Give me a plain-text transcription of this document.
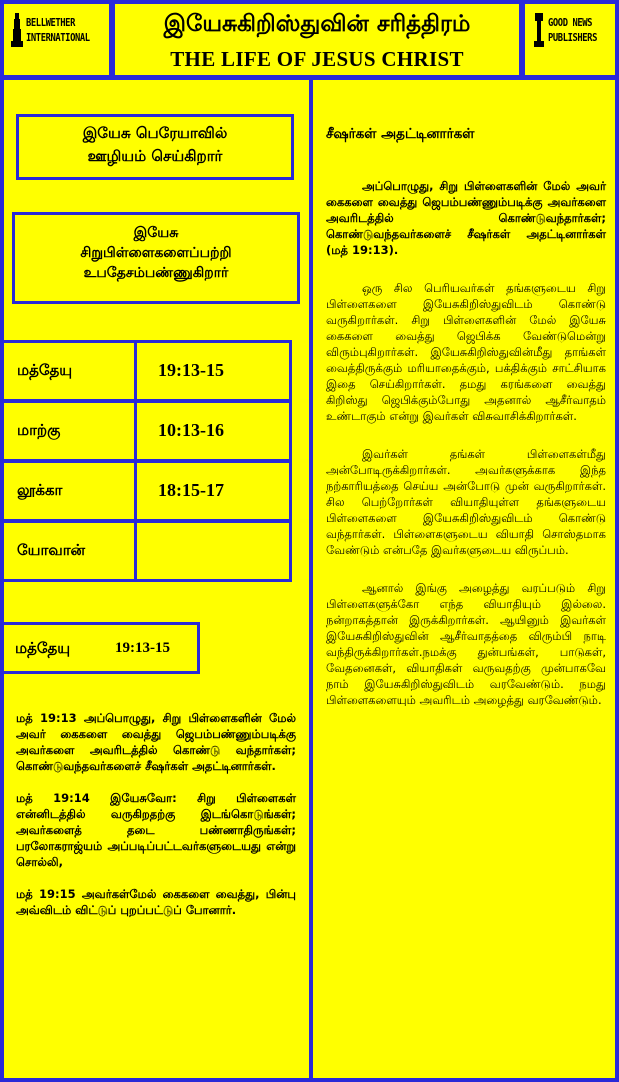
BELLWETHER
INTERNATIONAL
இயேசுகிறிஸ்துவின் சரித்திரம்
THE LIFE OF JESUS CHRIST
GOOD NEWS
PUBLISHERS
இயேசு பெரேயாவில்
ஊழியம் செய்கிறார்
இயேசு
சிறுபிள்ளைகளைப்பற்றி
உபதேசம்பண்ணுகிறார்
மத்தேயு	19:13-15
மாற்கு	10:13-16
லூக்கா	18:15-17
யோவான்
மத்தேயு	19:13-15

மத் 19:13 அப்பொழுது, சிறு பிள்ளைகளின் மேல் அவர் கைகளை வைத்து ஜெபம்பண்ணும்படிக்கு அவர்களை அவரிடத்தில் கொண்டு வந்தார்கள்; கொண்டுவந்தவர்களைச் சீஷர்கள் அதட்டினார்கள்.

மத் 19:14 இயேசுவோ: சிறு பிள்ளைகள் என்னிடத்தில் வருகிறதற்கு இடங்கொடுங்கள்; அவர்களைத் தடை பண்ணாதிருங்கள்; பரலோகராஜ்யம் அப்படிப்பட்டவர்களுடையது என்று சொல்லி,

மத் 19:15 அவர்கள்மேல் கைகளை வைத்து, பின்பு அவ்விடம் விட்டுப் புறப்பட்டுப் போனார்.

சீஷர்கள் அதட்டினார்கள்

அப்பொழுது, சிறு பிள்ளைகளின் மேல் அவர் கைகளை வைத்து ஜெபம்பண்ணும்படிக்கு அவர்களை அவரிடத்தில் கொண்டுவந்தார்கள்; கொண்டுவந்தவர்களைச் சீஷர்கள் அதட்டினார்கள் (மத் 19:13).

ஒரு சில பெரியவர்கள் தங்களுடைய சிறு பிள்ளைகளை இயேசுகிறிஸ்துவிடம் கொண்டு வருகிறார்கள். சிறு பிள்ளைகளின் மேல் இயேசு கைகளை வைத்து ஜெபிக்க வேண்டுமென்று விரும்புகிறார்கள். இயேசுகிறிஸ்துவின்மீது தாங்கள் வைத்திருக்கும் மரியாதைக்கும், பக்திக்கும் சாட்சியாக இதை செய்கிறார்கள். தமது கரங்களை வைத்து கிறிஸ்து ஜெபிக்கும்போது அதனால் ஆசீர்வாதம் உண்டாகும் என்று இவர்கள் விசுவாசிக்கிறார்கள்.

இவர்கள் தங்கள் பிள்ளைகள்மீது அன்போடிருக்கிறார்கள். அவர்களுக்காக இந்த நற்காரியத்தை செய்ய அன்போடு முன் வருகிறார்கள். சில பெற்றோர்கள் வியாதியுள்ள தங்களுடைய பிள்ளைகளை இயேசுகிறிஸ்துவிடம் கொண்டு வந்தார்கள். பிள்ளைகளுடைய வியாதி சொஸ்தமாக வேண்டும் என்பதே இவர்களுடைய விருப்பம்.

ஆனால் இங்கு அழைத்து வரப்படும் சிறு பிள்ளைகளுக்கோ எந்த வியாதியும் இல்லை. நன்றாகத்தான் இருக்கிறார்கள். ஆயினும் இவர்கள் இயேசுகிறிஸ்துவின் ஆசீர்வாதத்தை விரும்பி நாடி வந்திருக்கிறார்கள்.நமக்கு துன்பங்கள், பாடுகள், வேதனைகள், வியாதிகள் வருவதற்கு முன்பாகவே நாம் இயேசுகிறிஸ்துவிடம் வரவேண்டும். நமது பிள்ளைகளையும் அவரிடம் அழைத்து வரவேண்டும்.
